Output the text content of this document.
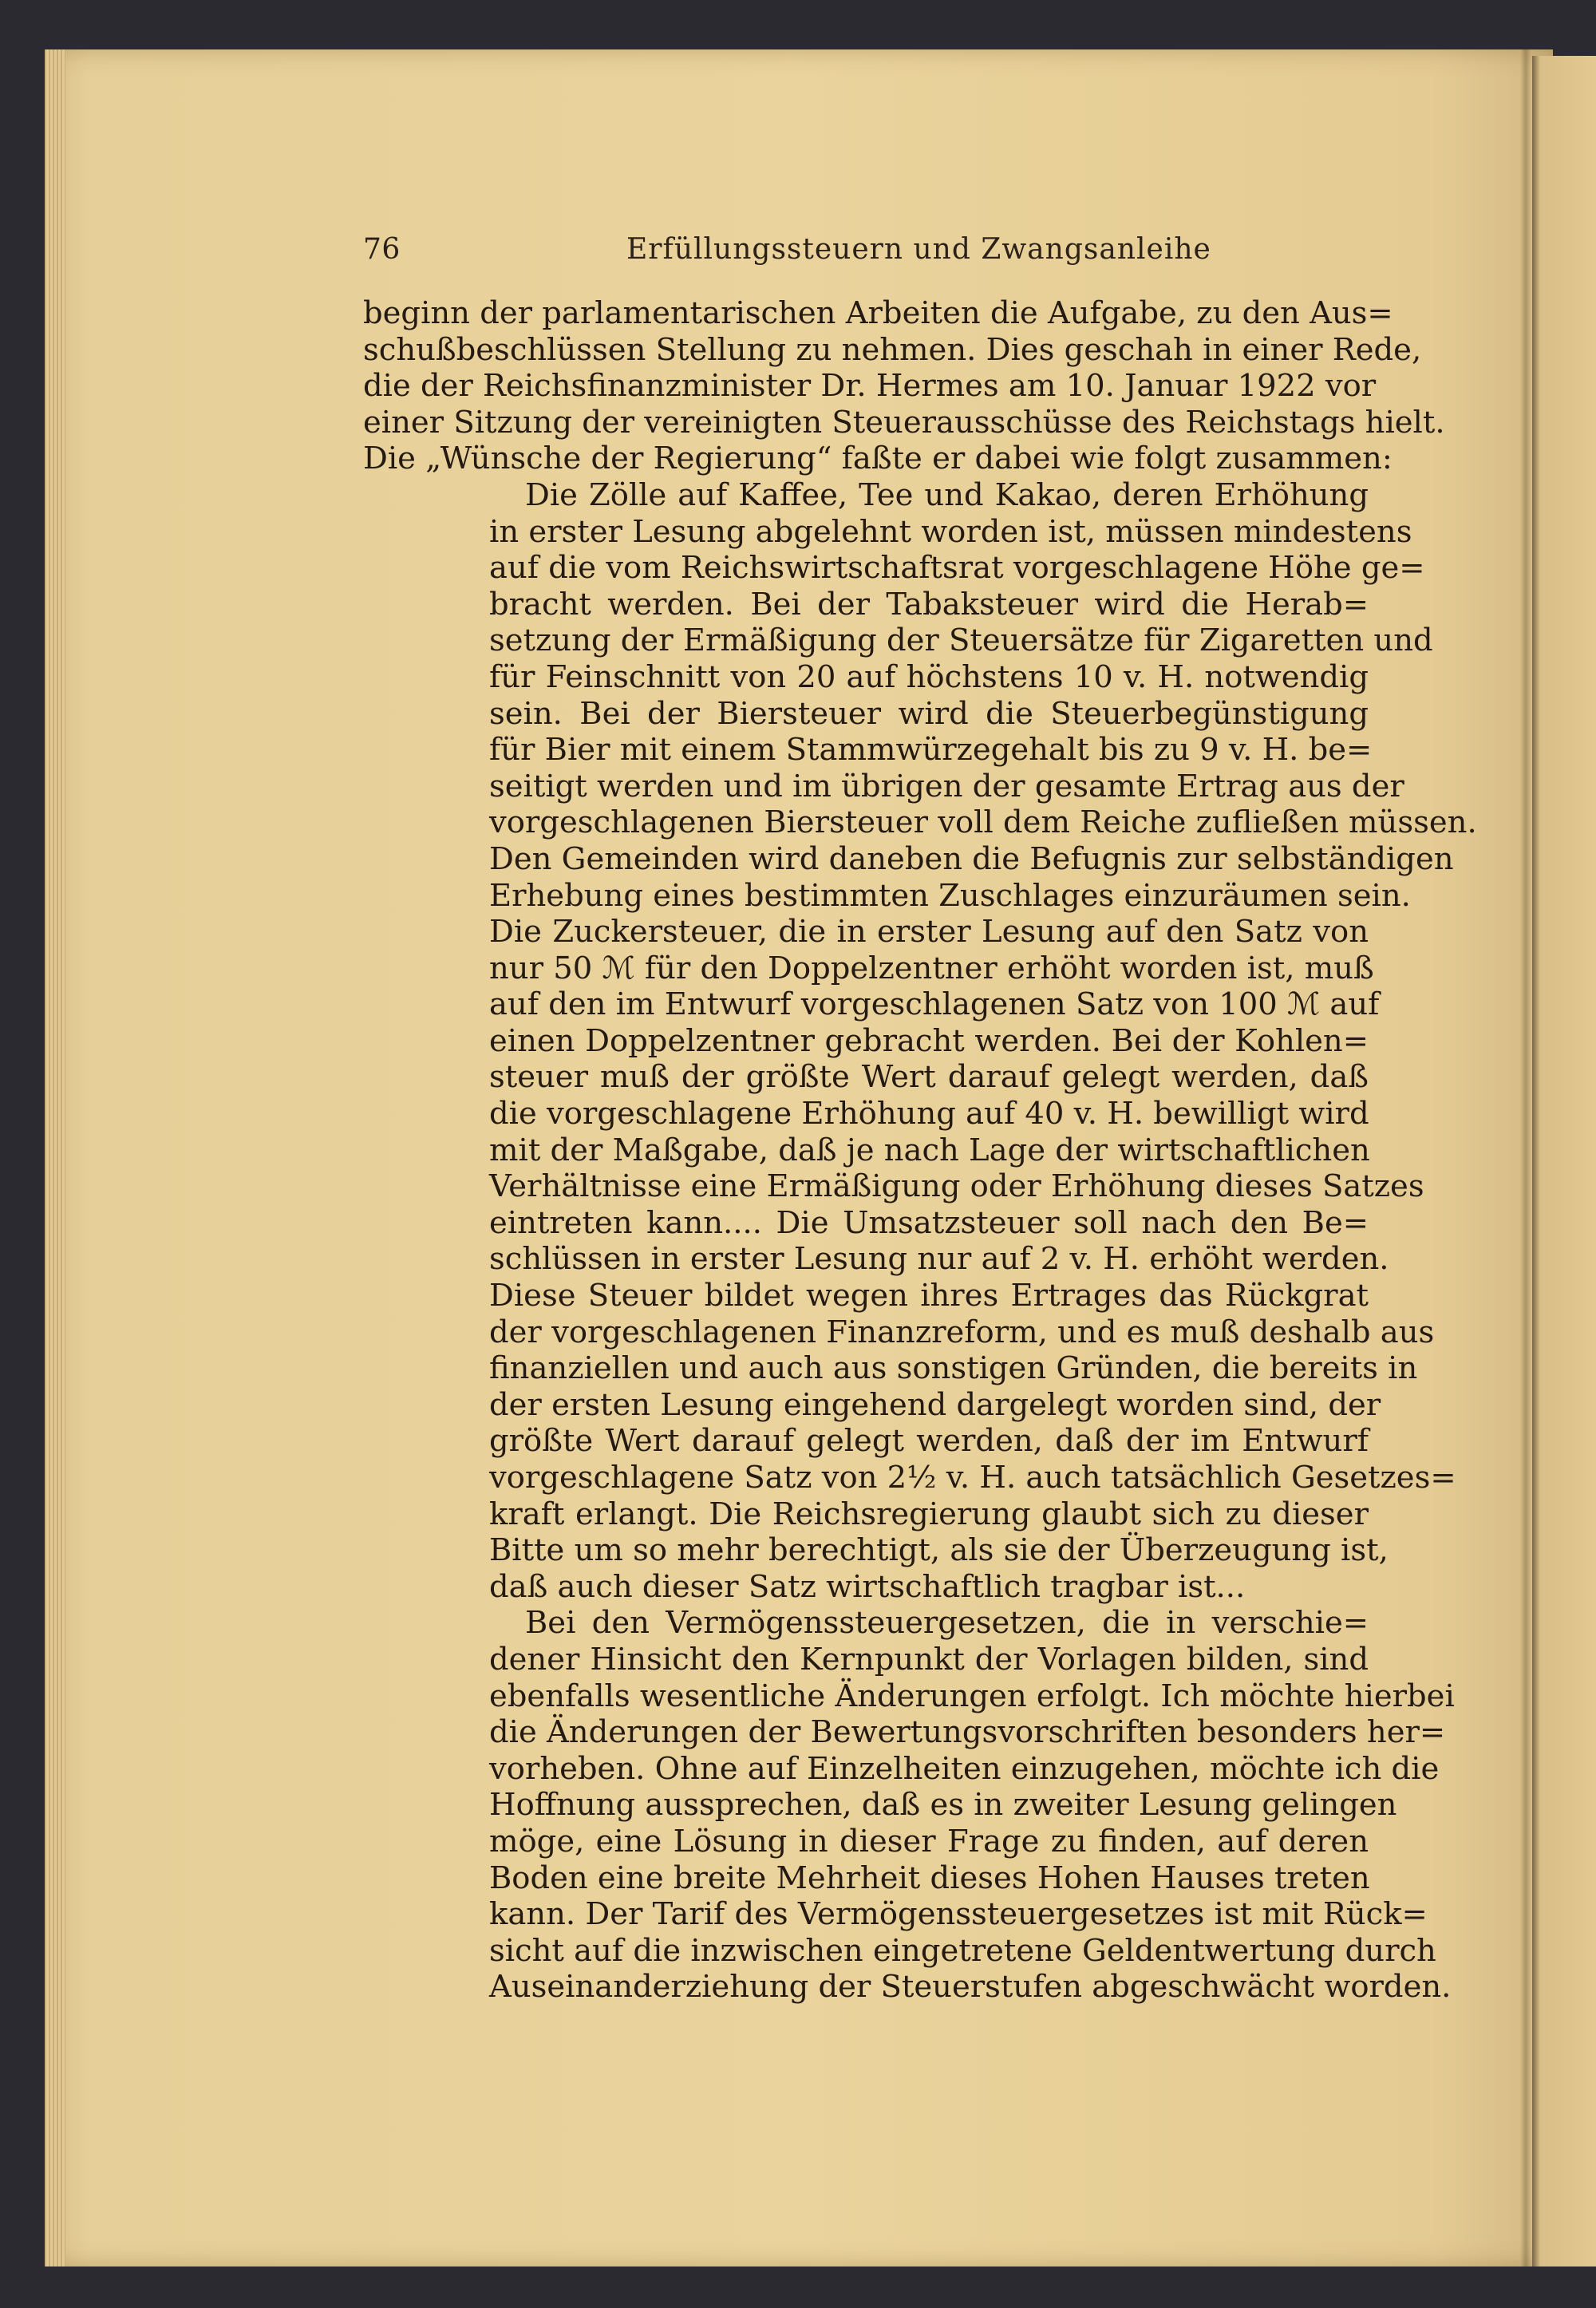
76	Erfüllungssteuern und Zwangsanleihe
beginn der parlamentarischen Arbeiten die Aufgabe, zu den Aus=
schußbeschlüssen Stellung zu nehmen. Dies geschah in einer Rede,
die der Reichsfinanzminister Dr. Hermes am 10. Januar 1922 vor
einer Sitzung der vereinigten Steuerausschüsse des Reichstags hielt.
Die „Wünsche der Regierung“ faßte er dabei wie folgt zusammen:
Die Zölle auf Kaffee, Tee und Kakao, deren Erhöhung
in erster Lesung abgelehnt worden ist, müssen mindestens
auf die vom Reichswirtschaftsrat vorgeschlagene Höhe ge=
bracht werden. Bei der Tabaksteuer wird die Herab=
setzung der Ermäßigung der Steuersätze für Zigaretten und
für Feinschnitt von 20 auf höchstens 10 v. H. notwendig
sein. Bei der Biersteuer wird die Steuerbegünstigung
für Bier mit einem Stammwürzegehalt bis zu 9 v. H. be=
seitigt werden und im übrigen der gesamte Ertrag aus der
vorgeschlagenen Biersteuer voll dem Reiche zufließen müssen.
Den Gemeinden wird daneben die Befugnis zur selbständigen
Erhebung eines bestimmten Zuschlages einzuräumen sein.
Die Zuckersteuer, die in erster Lesung auf den Satz von
nur 50 ℳ für den Doppelzentner erhöht worden ist, muß
auf den im Entwurf vorgeschlagenen Satz von 100 ℳ auf
einen Doppelzentner gebracht werden. Bei der Kohlen=
steuer muß der größte Wert darauf gelegt werden, daß
die vorgeschlagene Erhöhung auf 40 v. H. bewilligt wird
mit der Maßgabe, daß je nach Lage der wirtschaftlichen
Verhältnisse eine Ermäßigung oder Erhöhung dieses Satzes
eintreten kann.... Die Umsatzsteuer soll nach den Be=
schlüssen in erster Lesung nur auf 2 v. H. erhöht werden.
Diese Steuer bildet wegen ihres Ertrages das Rückgrat
der vorgeschlagenen Finanzreform, und es muß deshalb aus
finanziellen und auch aus sonstigen Gründen, die bereits in
der ersten Lesung eingehend dargelegt worden sind, der
größte Wert darauf gelegt werden, daß der im Entwurf
vorgeschlagene Satz von 2½ v. H. auch tatsächlich Gesetzes=
kraft erlangt. Die Reichsregierung glaubt sich zu dieser
Bitte um so mehr berechtigt, als sie der Überzeugung ist,
daß auch dieser Satz wirtschaftlich tragbar ist...
Bei den Vermögenssteuergesetzen, die in verschie=
dener Hinsicht den Kernpunkt der Vorlagen bilden, sind
ebenfalls wesentliche Änderungen erfolgt. Ich möchte hierbei
die Änderungen der Bewertungsvorschriften besonders her=
vorheben. Ohne auf Einzelheiten einzugehen, möchte ich die
Hoffnung aussprechen, daß es in zweiter Lesung gelingen
möge, eine Lösung in dieser Frage zu finden, auf deren
Boden eine breite Mehrheit dieses Hohen Hauses treten
kann. Der Tarif des Vermögenssteuergesetzes ist mit Rück=
sicht auf die inzwischen eingetretene Geldentwertung durch
Auseinanderziehung der Steuerstufen abgeschwächt worden.
